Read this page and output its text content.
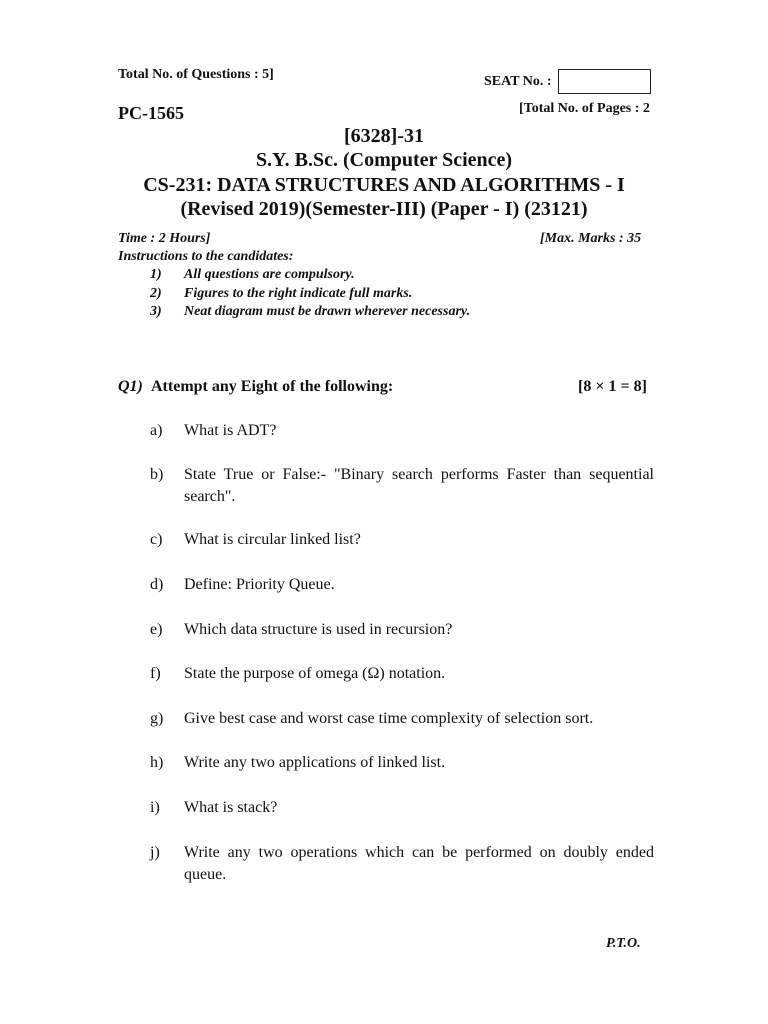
Total No. of Questions : 5]	SEAT No. :
PC-1565	[Total No. of Pages : 2
[6328]-31
S.Y. B.Sc. (Computer Science)
CS-231: DATA STRUCTURES AND ALGORITHMS - I
(Revised 2019)(Semester-III) (Paper - I) (23121)
Time : 2 Hours]	[Max. Marks : 35
Instructions to the candidates:
1) All questions are compulsory.
2) Figures to the right indicate full marks.
3) Neat diagram must be drawn wherever necessary.
Q1) Attempt any Eight of the following:	[8 × 1 = 8]
a) What is ADT?
b) State True or False:- "Binary search performs Faster than sequential search".
c) What is circular linked list?
d) Define: Priority Queue.
e) Which data structure is used in recursion?
f) State the purpose of omega (Ω) notation.
g) Give best case and worst case time complexity of selection sort.
h) Write any two applications of linked list.
i) What is stack?
j) Write any two operations which can be performed on doubly ended queue.
P.T.O.
